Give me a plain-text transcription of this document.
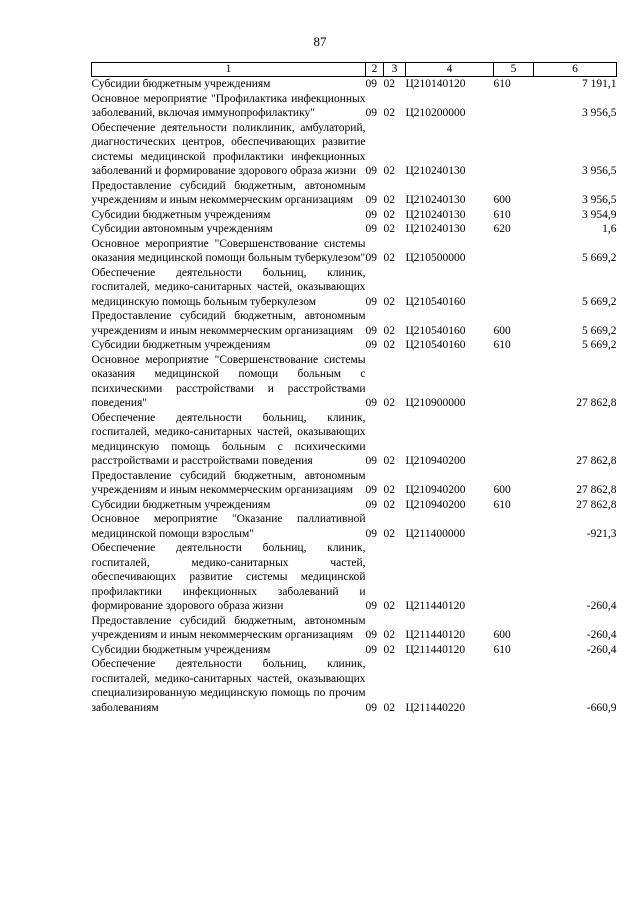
87
1	2	3	4	5	6
Субсидии бюджетным учреждениям	09	02	Ц210140120	610	7 191,1
Основное мероприятие "Профилактика инфекционных заболеваний, включая иммунопрофилактику"	09	02	Ц210200000		3 956,5
Обеспечение деятельности поликлиник, амбулаторий, диагностических центров, обеспечивающих развитие системы медицинской профилактики инфекционных заболеваний и формирование здорового образа жизни	09	02	Ц210240130		3 956,5
Предоставление субсидий бюджетным, автономным учреждениям и иным некоммерческим организациям	09	02	Ц210240130	600	3 956,5
Субсидии бюджетным учреждениям	09	02	Ц210240130	610	3 954,9
Субсидии автономным учреждениям	09	02	Ц210240130	620	1,6
Основное мероприятие "Совершенствование системы оказания медицинской помощи больным туберкулезом"	09	02	Ц210500000		5 669,2
Обеспечение деятельности больниц, клиник, госпиталей, медико-санитарных частей, оказывающих медицинскую помощь больным туберкулезом	09	02	Ц210540160		5 669,2
Предоставление субсидий бюджетным, автономным учреждениям и иным некоммерческим организациям	09	02	Ц210540160	600	5 669,2
Субсидии бюджетным учреждениям	09	02	Ц210540160	610	5 669,2
Основное мероприятие "Совершенствование системы оказания медицинской помощи больным с психическими расстройствами и расстройствами поведения"	09	02	Ц210900000		27 862,8
Обеспечение деятельности больниц, клиник, госпиталей, медико-санитарных частей, оказывающих медицинскую помощь больным с психическими расстройствами и расстройствами поведения	09	02	Ц210940200		27 862,8
Предоставление субсидий бюджетным, автономным учреждениям и иным некоммерческим организациям	09	02	Ц210940200	600	27 862,8
Субсидии бюджетным учреждениям	09	02	Ц210940200	610	27 862,8
Основное мероприятие "Оказание паллиативной медицинской помощи взрослым"	09	02	Ц211400000		-921,3
Обеспечение деятельности больниц, клиник, госпиталей, медико-санитарных частей, обеспечивающих развитие системы медицинской профилактики инфекционных заболеваний и формирование здорового образа жизни	09	02	Ц211440120		-260,4
Предоставление субсидий бюджетным, автономным учреждениям и иным некоммерческим организациям	09	02	Ц211440120	600	-260,4
Субсидии бюджетным учреждениям	09	02	Ц211440120	610	-260,4
Обеспечение деятельности больниц, клиник, госпиталей, медико-санитарных частей, оказывающих специализированную медицинскую помощь по прочим заболеваниям	09	02	Ц211440220		-660,9
